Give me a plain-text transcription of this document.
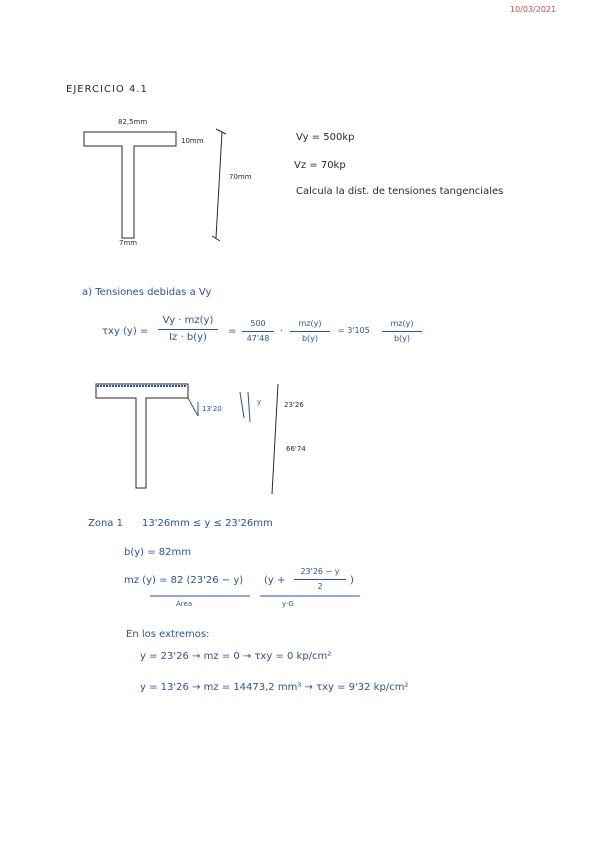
10/03/2021
EJERCICIO 4.1
82,5mm
10mm
70mm
7mm
Vy = 500kp
Vz = 70kp
Calcula la dist. de tensiones tangenciales
a) Tensiones debidas a Vy
τxy (y) =
Vy · mz(y)
Iz · b(y)
=
500
47'48
·
mz(y)
b(y)
= 3'105
mz(y)
b(y)
13'20
y	23'26
66'74
Zona 1 13'26mm ≤ y ≤ 23'26mm
b(y) = 82mm
mz (y) = 82 (23'26 − y) (y +
23'26 − y
2
)
Área	y·G
En los extremos:
y = 23'26 → mz = 0 → τxy = 0 kp/cm²
y = 13'26 → mz = 14473,2 mm³ → τxy = 9'32 kp/cm²
